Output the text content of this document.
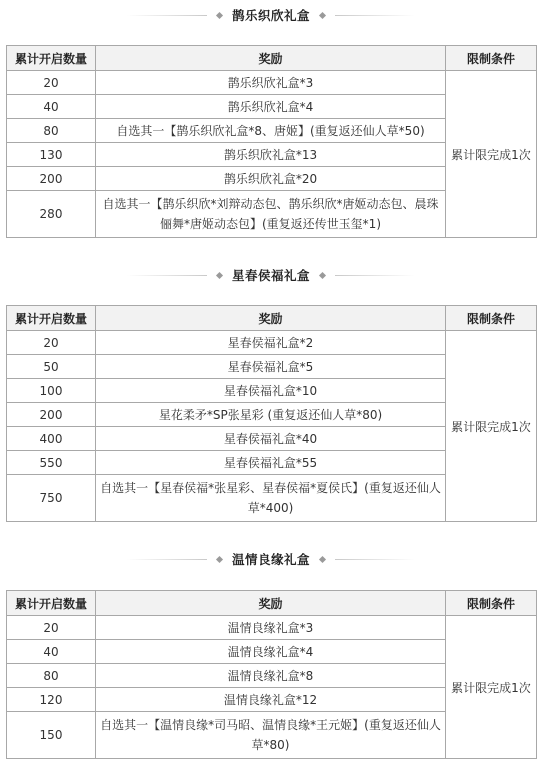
鹊乐织欣礼盒
累计开启数量	奖励	限制条件
20	鹊乐织欣礼盒*3	累计限完成1次
40	鹊乐织欣礼盒*4	
80	自选其一【鹊乐织欣礼盒*8、唐姬】(重复返还仙人草*50)	
130	鹊乐织欣礼盒*13	
200	鹊乐织欣礼盒*20	
280	自选其一【鹊乐织欣*刘辩动态包、鹊乐织欣*唐姬动态包、晨珠俪舞*唐姬动态包】(重复返还传世玉玺*1)	
星春侯福礼盒
累计开启数量	奖励	限制条件
20	星春侯福礼盒*2	累计限完成1次
50	星春侯福礼盒*5	
100	星春侯福礼盒*10	
200	星花柔矛*SP张星彩 (重复返还仙人草*80)	
400	星春侯福礼盒*40	
550	星春侯福礼盒*55	
750	自选其一【星春侯福*张星彩、星春侯福*夏侯氏】(重复返还仙人草*400)	
温情良缘礼盒
累计开启数量	奖励	限制条件
20	温情良缘礼盒*3	累计限完成1次
40	温情良缘礼盒*4	
80	温情良缘礼盒*8	
120	温情良缘礼盒*12	
150	自选其一【温情良缘*司马昭、温情良缘*王元姬】(重复返还仙人草*80)	
